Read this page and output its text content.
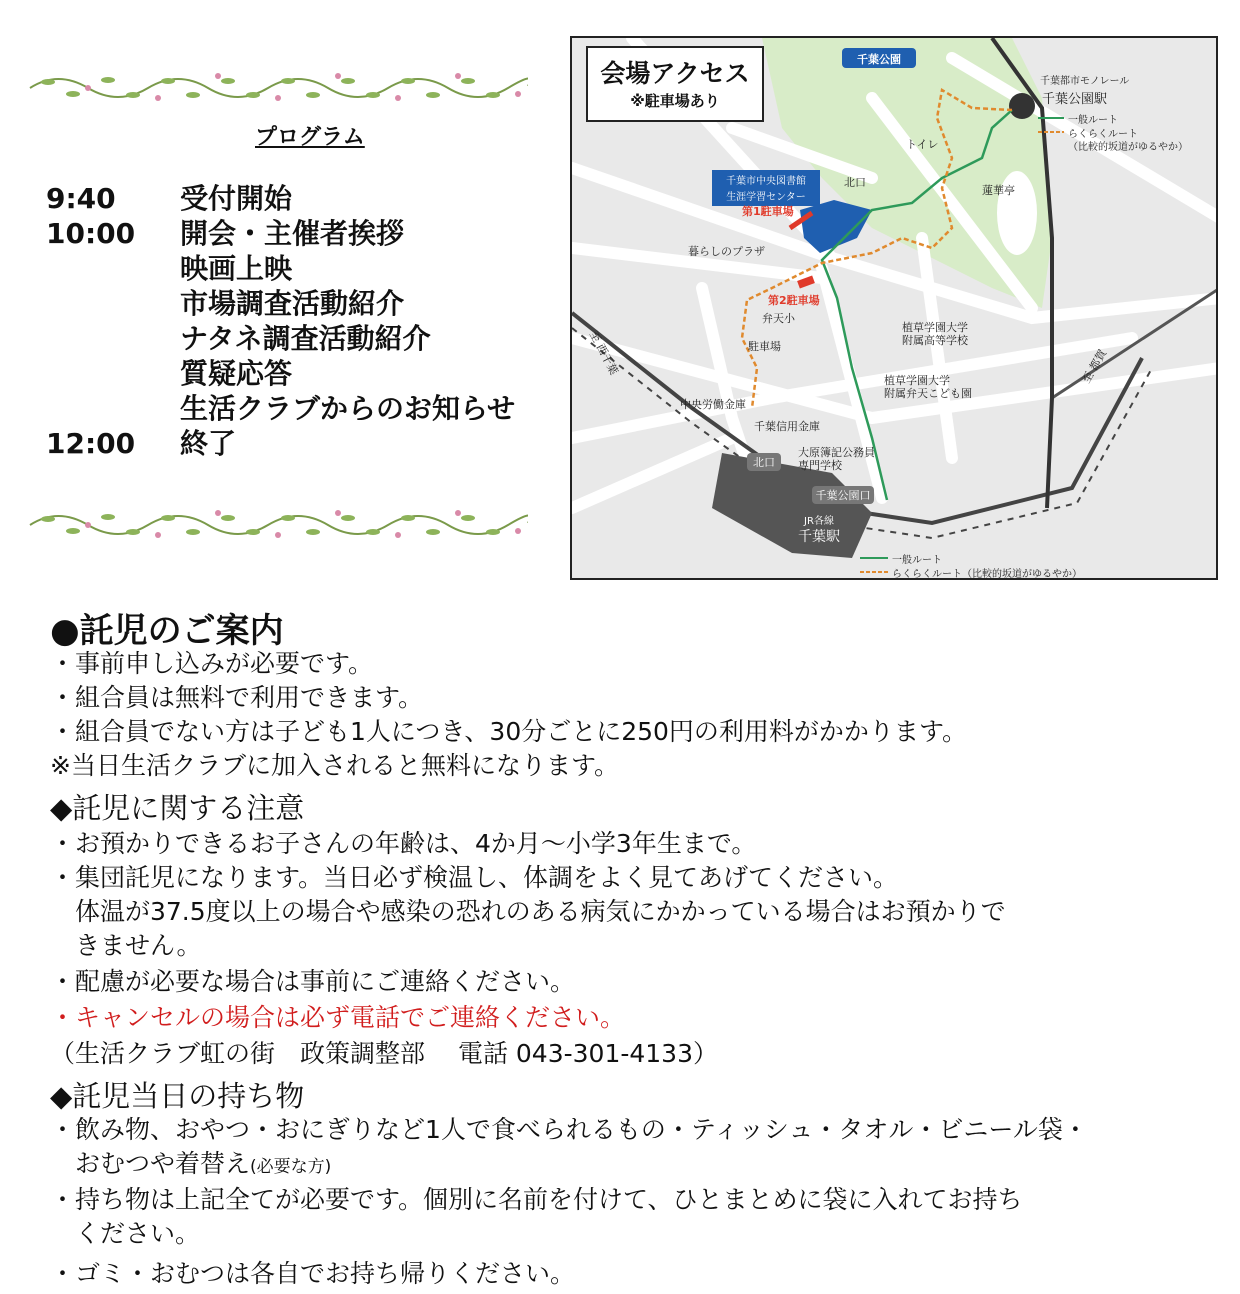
プログラム
9:40 受付開始
10:00 開会・主催者挨拶
映画上映
市場調査活動紹介
ナタネ調査活動紹介
質疑応答
生活クラブからのお知らせ
12:00 終了
会場アクセス
※駐車場あり
千葉公園
千葉都市モノレール
千葉公園駅
一般ルート
らくらくルート
（比較的坂道がゆるやか）
トイレ
蓮華亭
千葉市中央図書館
生涯学習センター
北口
第1駐車場
暮らしのプラザ
第2駐車場
弁天小
駐車場
植草学園大学
附属高等学校
植草学園大学
附属弁天こども園
至 西千葉	至 都賀
中央労働金庫
千葉信用金庫
大原簿記公務員
専門学校
北口
千葉公園口
JR各線
千葉駅
一般ルート
らくらくルート（比較的坂道がゆるやか）
●託児のご案内
・事前申し込みが必要です。
・組合員は無料で利用できます。
・組合員でない方は子ども1人につき、30分ごとに250円の利用料がかかります。
※当日生活クラブに加入されると無料になります。
◆託児に関する注意
・お預かりできるお子さんの年齢は、4か月～小学3年生まで。
・集団託児になります。当日必ず検温し、体調をよく見てあげてください。
　体温が37.5度以上の場合や感染の恐れのある病気にかかっている場合はお預かりで
　きません。
・配慮が必要な場合は事前にご連絡ください。
・キャンセルの場合は必ず電話でご連絡ください。
（生活クラブ虹の街　政策調整部　 電話 043-301-4133）
◆託児当日の持ち物
・飲み物、おやつ・おにぎりなど1人で食べられるもの・ティッシュ・タオル・ビニール袋・
　おむつや着替え(必要な方)
・持ち物は上記全てが必要です。個別に名前を付けて、ひとまとめに袋に入れてお持ち
　ください。
・ゴミ・おむつは各自でお持ち帰りください。
